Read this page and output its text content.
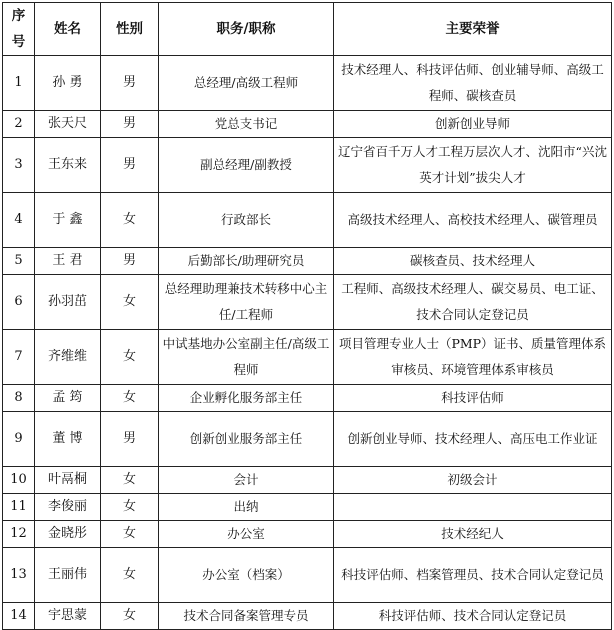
序号	姓名	性别	职务/职称	主要荣誉
1	孙 勇	男	总经理/高级工程师	技术经理人、科技评估师、创业辅导师、高级工程师、碳核查员
2	张天尺	男	党总支书记	创新创业导师
3	王东来	男	副总经理/副教授	辽宁省百千万人才工程万层次人才、沈阳市“兴沈英才计划”拔尖人才
4	于 鑫	女	行政部长	高级技术经理人、高校技术经理人、碳管理员
5	王 君	男	后勤部长/助理研究员	碳核查员、技术经理人
6	孙羽茁	女	总经理助理兼技术转移中心主任/工程师	工程师、高级技术经理人、碳交易员、电工证、技术合同认定登记员
7	齐维维	女	中试基地办公室副主任/高级工程师	项目管理专业人士（PMP）证书、质量管理体系审核员、环境管理体系审核员
8	孟 筠	女	企业孵化服务部主任	科技评估师
9	董 博	男	创新创业服务部主任	创新创业导师、技术经理人、高压电工作业证
10	叶鬲桐	女	会计	初级会计
11	李俊丽	女	出纳	
12	金晓彤	女	办公室	技术经纪人
13	王丽伟	女	办公室（档案）	科技评估师、档案管理员、技术合同认定登记员
14	宇思蒙	女	技术合同备案管理专员	科技评估师、技术合同认定登记员
